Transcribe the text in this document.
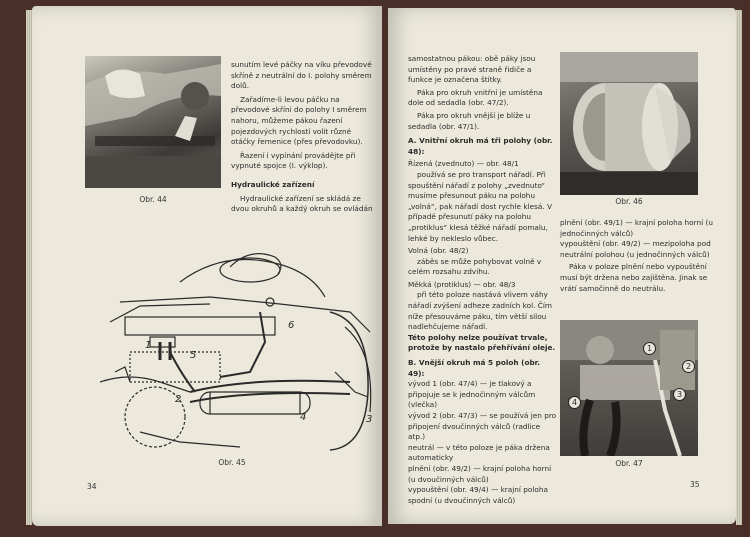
Obr. 44

sunutím levé páčky na víku převodové skříně z neutrální do I. polohy směrem dolů.

Zařadíme-li levou páčku na převodové skříni do polohy I směrem nahoru, můžeme pákou řazení pojezdových rychlostí volit různé otáčky řemenice (přes převodovku).

Řazení i vypínání provádějte při vypnuté spojce (I. výklop).

Hydraulické zařízení

Hydraulické zařízení se skládá ze dvou okruhů a každý okruh se ovládán

1
2
3
4
5
6
Obr. 45
34

samostatnou pákou: obě páky jsou umístěny po pravé straně řidiče a funkce je označena štítky.

Páka pro okruh vnitřní je umístěna dole od sedadla (obr. 47/2).

Páka pro okruh vnější je blíže u sedadla (obr. 47/1).

A. Vnitřní okruh má tři polohy (obr. 48):

Řízená (zvednuto) — obr. 48/1

používá se pro transport nářadí. Při spouštění nářadí z polohy „zvednuto“ musíme přesunout páku na polohu „volná“, pak nářadí dost rychle klesá. V případě přesunutí páky na polohu „protiklus“ klesá těžké nářadí pomalu, lehké by nekleslo vůbec.

Volná (obr. 48/2)

záběs se může pohybovat volně v celém rozsahu zdvihu.

Měkká (protiklus) — obr. 48/3

při této poloze nastává vlivem váhy nářadí zvýšení adheze zadních kol. Čím níže přesouváme páku, tím větší silou nadlehčujeme nářadí.

Této polohy nelze používat trvale, protože by nastalo přehřívání oleje.

B. Vnější okruh má 5 poloh (obr. 49):

vývod 1 (obr. 47/4) — je tlakový a připojuje se k jednočinným válcům (vlečka)

vývod 2 (obr. 47/3) — se používá jen pro připojení dvoučinných válců (radlice atp.)

neutrál — v této poloze je páka držena automaticky

plnění (obr. 49/2) — krajní poloha horní (u dvoučinných válců)

vypouštění (obr. 49/4) — krajní poloha spodní (u dvoučinných válců)

Obr. 46

plnění (obr. 49/1) — krajní poloha horní (u jednočinných válců)

vypouštění (obr. 49/2) — mezipoloha pod neutrální polohou (u jednočinných válců)

Páka v poloze plnění nebo vypouštění musí být držena nebo zajištěna. Jinak se vrátí samočinně do neutrálu.

1
2
3
4
Obr. 47
35
